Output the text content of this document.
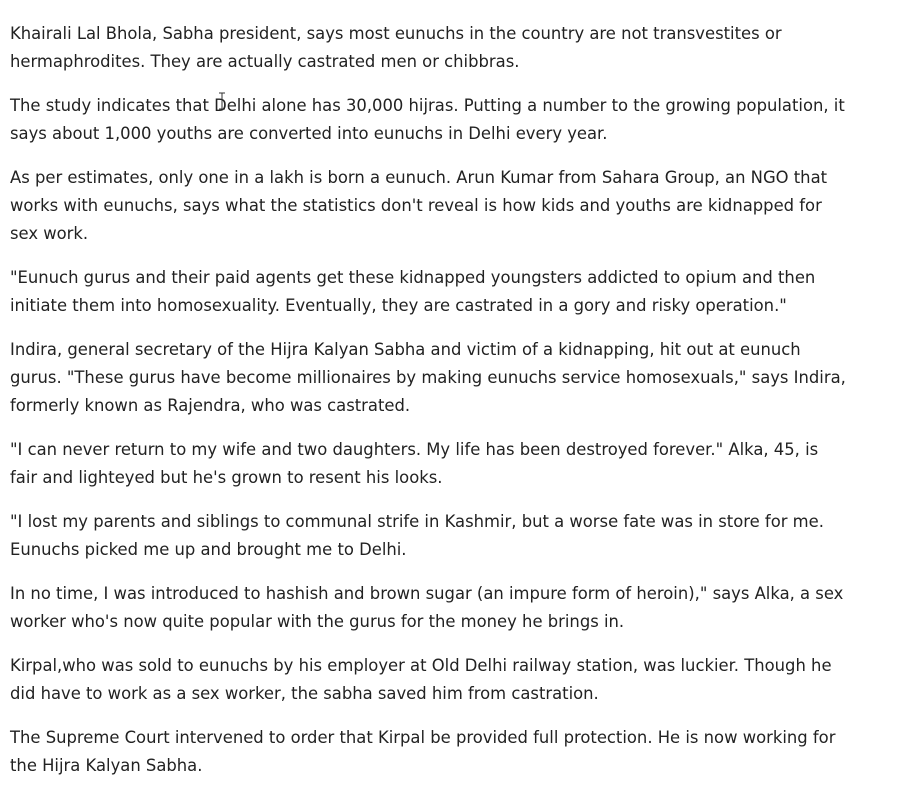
Khairali Lal Bhola, Sabha president, says most eunuchs in the country are not transvestites or hermaphrodites. They are actually castrated men or chibbras.

The study indicates that Delhi alone has 30,000 hijras. Putting a number to the growing population, it says about 1,000 youths are converted into eunuchs in Delhi every year.

As per estimates, only one in a lakh is born a eunuch. Arun Kumar from Sahara Group, an NGO that works with eunuchs, says what the statistics don't reveal is how kids and youths are kidnapped for sex work.

"Eunuch gurus and their paid agents get these kidnapped youngsters addicted to opium and then initiate them into homosexuality. Eventually, they are castrated in a gory and risky operation."

Indira, general secretary of the Hijra Kalyan Sabha and victim of a kidnapping, hit out at eunuch gurus. "These gurus have become millionaires by making eunuchs service homosexuals," says Indira, formerly known as Rajendra, who was castrated.

"I can never return to my wife and two daughters. My life has been destroyed forever." Alka, 45, is fair and lighteyed but he's grown to resent his looks.

"I lost my parents and siblings to communal strife in Kashmir, but a worse fate was in store for me. Eunuchs picked me up and brought me to Delhi.

In no time, I was introduced to hashish and brown sugar (an impure form of heroin)," says Alka, a sex worker who's now quite popular with the gurus for the money he brings in.

Kirpal,who was sold to eunuchs by his employer at Old Delhi railway station, was luckier. Though he did have to work as a sex worker, the sabha saved him from castration.

The Supreme Court intervened to order that Kirpal be provided full protection. He is now working for the Hijra Kalyan Sabha.
